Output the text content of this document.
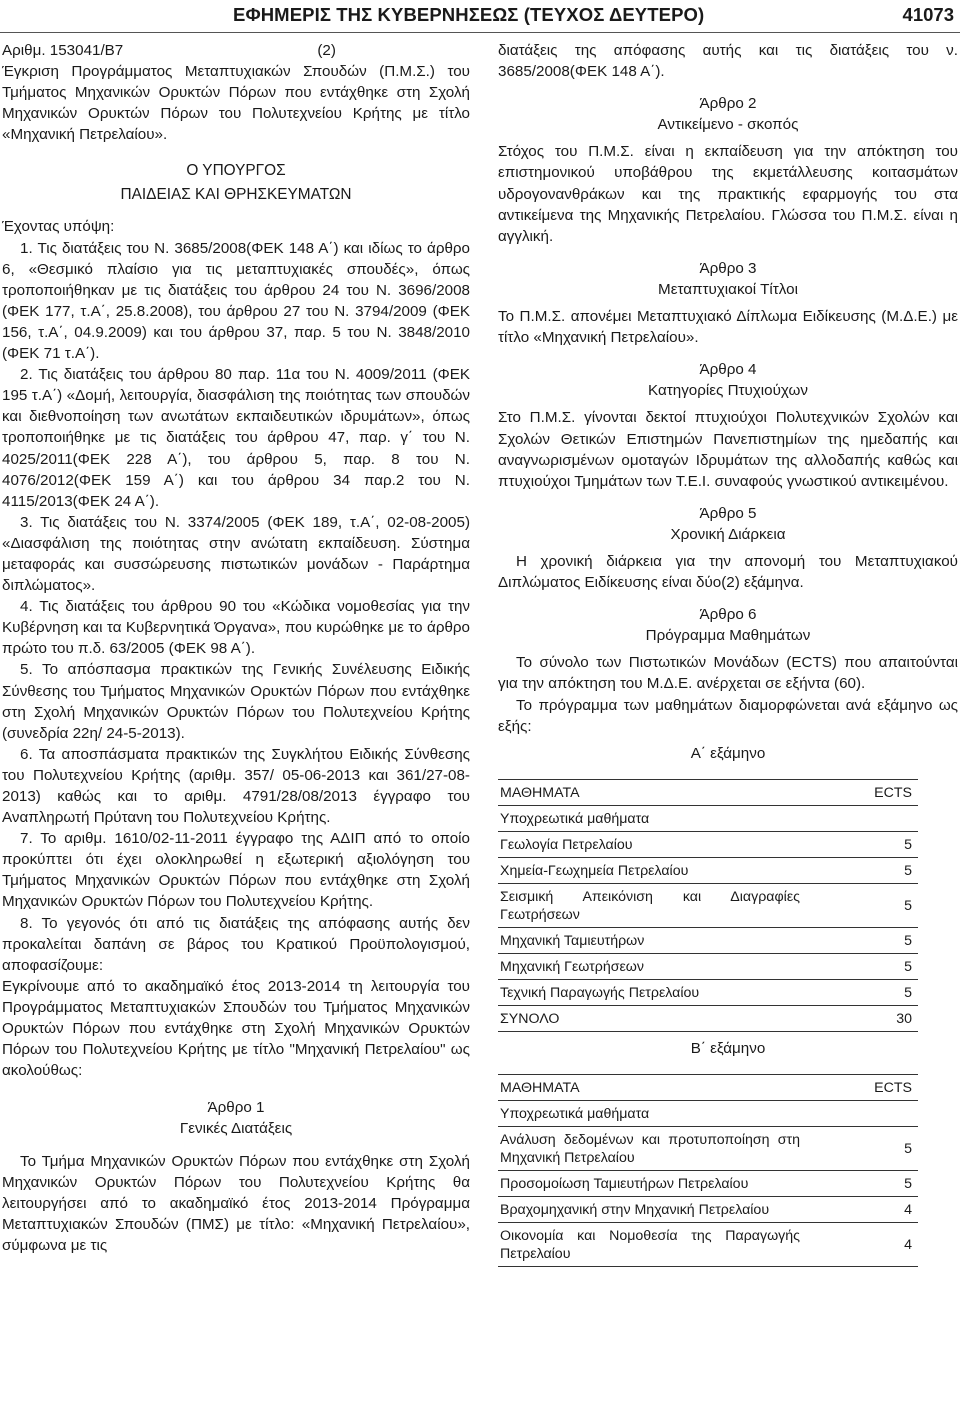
ΕΦΗΜΕΡΙΣ ΤΗΣ ΚΥΒΕΡΝΗΣΕΩΣ (ΤΕΥΧΟΣ ΔΕΥΤΕΡΟ)	41073

Αριθμ. 153041/Β7                                              (2)

Έγκριση Προγράμματος Μεταπτυχιακών Σπουδών (Π.Μ.Σ.) του Τμήματος Μηχανικών Ορυκτών Πόρων που εντάχθηκε στη Σχολή Μηχανικών Ορυκτών Πόρων του Πολυτεχνείου Κρήτης με τίτλο «Μηχανική Πετρελαίου».

Ο ΥΠΟΥΡΓΟΣ

ΠΑΙΔΕΙΑΣ ΚΑΙ ΘΡΗΣΚΕΥΜΑΤΩΝ

Έχοντας υπόψη:

1. Τις διατάξεις του Ν. 3685/2008(ΦΕΚ 148 Α΄) και ιδίως το άρθρο 6, «Θεσμικό πλαίσιο για τις μεταπτυχιακές σπουδές», όπως τροποποιήθηκαν με τις διατάξεις του άρθρου 24 του Ν. 3696/2008 (ΦΕΚ 177, τ.Α΄, 25.8.2008), του άρθρου 27 του Ν. 3794/2009 (ΦΕΚ 156, τ.Α΄, 04.9.2009) και του άρθρου 37, παρ. 5 του Ν. 3848/2010 (ΦΕΚ 71 τ.Α΄).

2. Τις διατάξεις του άρθρου 80 παρ. 11α του Ν. 4009/2011 (ΦΕΚ 195 τ.Α΄) «Δομή, λειτουργία, διασφάλιση της ποιότητας των σπουδών και διεθνοποίηση των ανωτάτων εκπαιδευτικών ιδρυμάτων», όπως τροποποιήθηκε με τις διατάξεις του άρθρου 47, παρ. γ΄ του Ν. 4025/2011(ΦΕΚ 228 Α΄), του άρθρου 5, παρ. 8 του Ν. 4076/2012(ΦΕΚ 159 Α΄) και του άρθρου 34 παρ.2 του Ν. 4115/2013(ΦΕΚ 24 Α΄).

3. Τις διατάξεις του Ν. 3374/2005 (ΦΕΚ 189, τ.Α΄, 02-08-2005) «Διασφάλιση της ποιότητας στην ανώτατη εκπαίδευση. Σύστημα μεταφοράς και συσσώρευσης πιστωτικών μονάδων - Παράρτημα διπλώματος».

4. Τις διατάξεις του άρθρου 90 του «Κώδικα νομοθεσίας για την Κυβέρνηση και τα Κυβερνητικά Όργανα», που κυρώθηκε με το άρθρο πρώτο του π.δ. 63/2005 (ΦΕΚ 98 Α΄).

5. Το απόσπασμα πρακτικών της Γενικής Συνέλευσης Ειδικής Σύνθεσης του Τμήματος Μηχανικών Ορυκτών Πόρων που εντάχθηκε στη Σχολή Μηχανικών Ορυκτών Πόρων του Πολυτεχνείου Κρήτης (συνεδρία 22η/ 24-5-2013).

6. Τα αποσπάσματα πρακτικών της Συγκλήτου Ειδικής Σύνθεσης του Πολυτεχνείου Κρήτης (αριθμ. 357/ 05-06-2013 και 361/27-08-2013) καθώς και το αριθμ. 4791/28/08/2013 έγγραφο του Αναπληρωτή Πρύτανη του Πολυτεχνείου Κρήτης.

7. Το αριθμ. 1610/02-11-2011 έγγραφο της ΑΔΙΠ από το οποίο προκύπτει ότι έχει ολοκληρωθεί η εξωτερική αξιολόγηση του Τμήματος Μηχανικών Ορυκτών Πόρων που εντάχθηκε στη Σχολή Μηχανικών Ορυκτών Πόρων του Πολυτεχνείου Κρήτης.

8. Το γεγονός ότι από τις διατάξεις της απόφασης αυτής δεν προκαλείται δαπάνη σε βάρος του Κρατικού Προϋπολογισμού, αποφασίζουμε:

Εγκρίνουμε από το ακαδημαϊκό έτος 2013-2014 τη λειτουργία του Προγράμματος Μεταπτυχιακών Σπουδών του Τμήματος Μηχανικών Ορυκτών Πόρων που εντάχθηκε στη Σχολή Μηχανικών Ορυκτών Πόρων του Πολυτεχνείου Κρήτης με τίτλο "Μηχανική Πετρελαίου" ως ακολούθως:

Άρθρο 1

Γενικές Διατάξεις

Το Τμήμα Μηχανικών Ορυκτών Πόρων που εντάχθηκε στη Σχολή Μηχανικών Ορυκτών Πόρων του Πολυτεχνείου Κρήτης θα λειτουργήσει από το ακαδημαϊκό έτος 2013-2014 Πρόγραμμα Μεταπτυχιακών Σπουδών (ΠΜΣ) με τίτλο: «Μηχανική Πετρελαίου», σύμφωνα με τις

διατάξεις της απόφασης αυτής και τις διατάξεις του ν. 3685/2008(ΦΕΚ 148 Α΄).

Άρθρο 2

Αντικείμενο - σκοπός

Στόχος του Π.Μ.Σ. είναι η εκπαίδευση για την απόκτηση του επιστημονικού υποβάθρου της εκμετάλλευσης κοιτασμάτων υδρογονανθράκων και της πρακτικής εφαρμογής του στα αντικείμενα της Μηχανικής Πετρελαίου. Γλώσσα του Π.Μ.Σ. είναι η αγγλική.

Άρθρο 3

Μεταπτυχιακοί Τίτλοι

Το Π.Μ.Σ. απονέμει Μεταπτυχιακό Δίπλωμα Ειδίκευσης (Μ.Δ.Ε.) με τίτλο «Μηχανική Πετρελαίου».

Άρθρο 4

Κατηγορίες Πτυχιούχων

Στο Π.Μ.Σ. γίνονται δεκτοί πτυχιούχοι Πολυτεχνικών Σχολών και Σχολών Θετικών Επιστημών Πανεπιστημίων της ημεδαπής και αναγνωρισμένων ομοταγών Ιδρυμάτων της αλλοδαπής καθώς και πτυχιούχοι Τμημάτων των Τ.Ε.Ι. συναφούς γνωστικού αντικειμένου.

Άρθρο 5

Χρονική Διάρκεια

Η χρονική διάρκεια για την απονομή του Μεταπτυχιακού Διπλώματος Ειδίκευσης είναι δύο(2) εξάμηνα.

Άρθρο 6

Πρόγραμμα Μαθημάτων

Το σύνολο των Πιστωτικών Μονάδων (ECTS) που απαιτούνται για την απόκτηση του Μ.Δ.Ε. ανέρχεται σε εξήντα (60).

Το πρόγραμμα των μαθημάτων διαμορφώνεται ανά εξάμηνο ως εξής:

Α΄ εξάμηνο

ΜΑΘΗΜΑΤΑ	ECTS
Υποχρεωτικά μαθήματα	
Γεωλογία Πετρελαίου	5
Χημεία-Γεωχημεία Πετρελαίου	5
Σεισμική Απεικόνιση και Διαγραφίες Γεωτρήσεων	5
Μηχανική Ταμιευτήρων	5
Μηχανική Γεωτρήσεων	5
Τεχνική Παραγωγής Πετρελαίου	5
ΣΥΝΟΛΟ	30

Β΄ εξάμηνο

ΜΑΘΗΜΑΤΑ	ECTS
Υποχρεωτικά μαθήματα	
Ανάλυση δεδομένων και προτυποποίηση στη Μηχανική Πετρελαίου	5
Προσομοίωση Ταμιευτήρων Πετρελαίου	5
Βραχομηχανική στην Μηχανική Πετρελαίου	4
Οικονομία και Νομοθεσία της Παραγωγής Πετρελαίου	4
